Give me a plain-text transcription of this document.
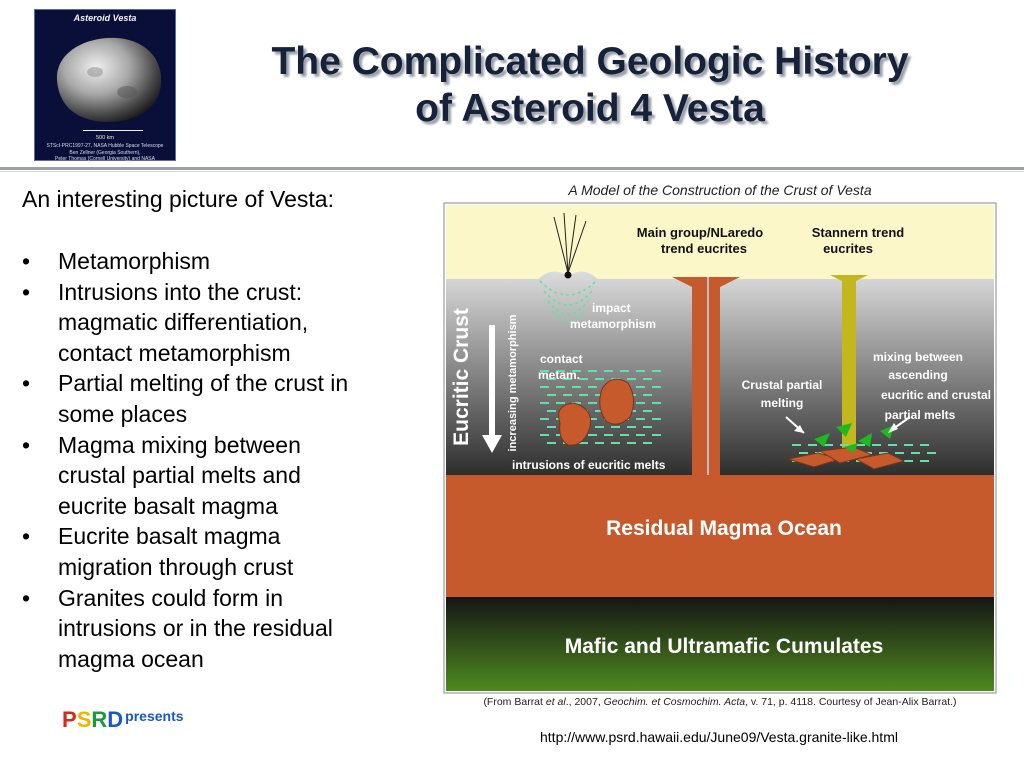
Asteroid Vesta
500 km
STScI-PRC1997-27, NASA Hubble Space Telescope
Ben Zellner (Georgia Southern),
Peter Thomas (Cornell University) and NASA
The Complicated Geologic History
of Asteroid 4 Vesta
An interesting picture of Vesta:
• Metamorphism
• Intrusions into the crust:
magmatic differentiation,
contact metamorphism
• Partial melting of the crust in
some places
• Magma mixing between
crustal partial melts and
eucrite basalt magma
• Eucrite basalt magma
migration through crust
• Granites could form in
intrusions or in the residual
magma ocean
A Model of the Construction of the Crust of Vesta
Main group/NLaredo
trend eucrites
Stannern trend
eucrites
Eucritic Crust	increasing metamorphism
impact
metamorphism
contact
metam.
Crustal partial
melting
mixing between
ascending
eucritic and crustal
partial melts
intrusions of eucritic melts
Residual Magma Ocean
Mafic and Ultramafic Cumulates
(From Barrat et al., 2007, Geochim. et Cosmochim. Acta, v. 71, p. 4118. Courtesy of Jean-Alix Barrat.)
PSRD $^{presents}$
http://www.psrd.hawaii.edu/June09/Vesta.granite-like.html
